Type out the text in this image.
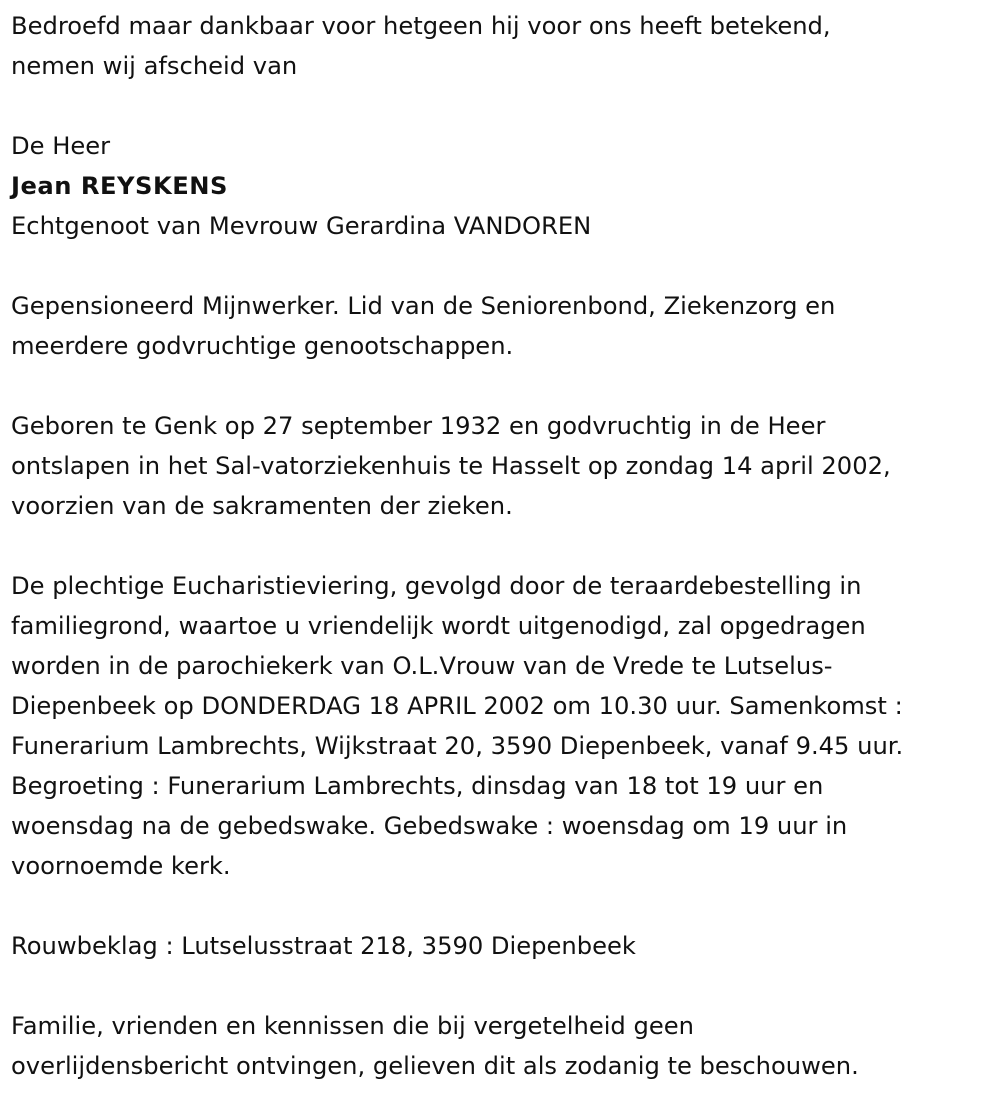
Bedroefd maar dankbaar voor hetgeen hij voor ons heeft betekend,
nemen wij afscheid van
De Heer
Jean REYSKENS
Echtgenoot van Mevrouw Gerardina VANDOREN
Gepensioneerd Mijnwerker. Lid van de Seniorenbond, Ziekenzorg en
meerdere godvruchtige genootschappen.
Geboren te Genk op 27 september 1932 en godvruchtig in de Heer
ontslapen in het Sal-vatorziekenhuis te Hasselt op zondag 14 april 2002,
voorzien van de sakramenten der zieken.
De plechtige Eucharistieviering, gevolgd door de teraardebestelling in
familiegrond, waartoe u vriendelijk wordt uitgenodigd, zal opgedragen
worden in de parochiekerk van O.L.Vrouw van de Vrede te Lutselus-
Diepenbeek op DONDERDAG 18 APRIL 2002 om 10.30 uur. Samenkomst :
Funerarium Lambrechts, Wijkstraat 20, 3590 Diepenbeek, vanaf 9.45 uur.
Begroeting : Funerarium Lambrechts, dinsdag van 18 tot 19 uur en
woensdag na de gebedswake. Gebedswake : woensdag om 19 uur in
voornoemde kerk.
Rouwbeklag : Lutselusstraat 218, 3590 Diepenbeek
Familie, vrienden en kennissen die bij vergetelheid geen
overlijdensbericht ontvingen, gelieven dit als zodanig te beschouwen.
